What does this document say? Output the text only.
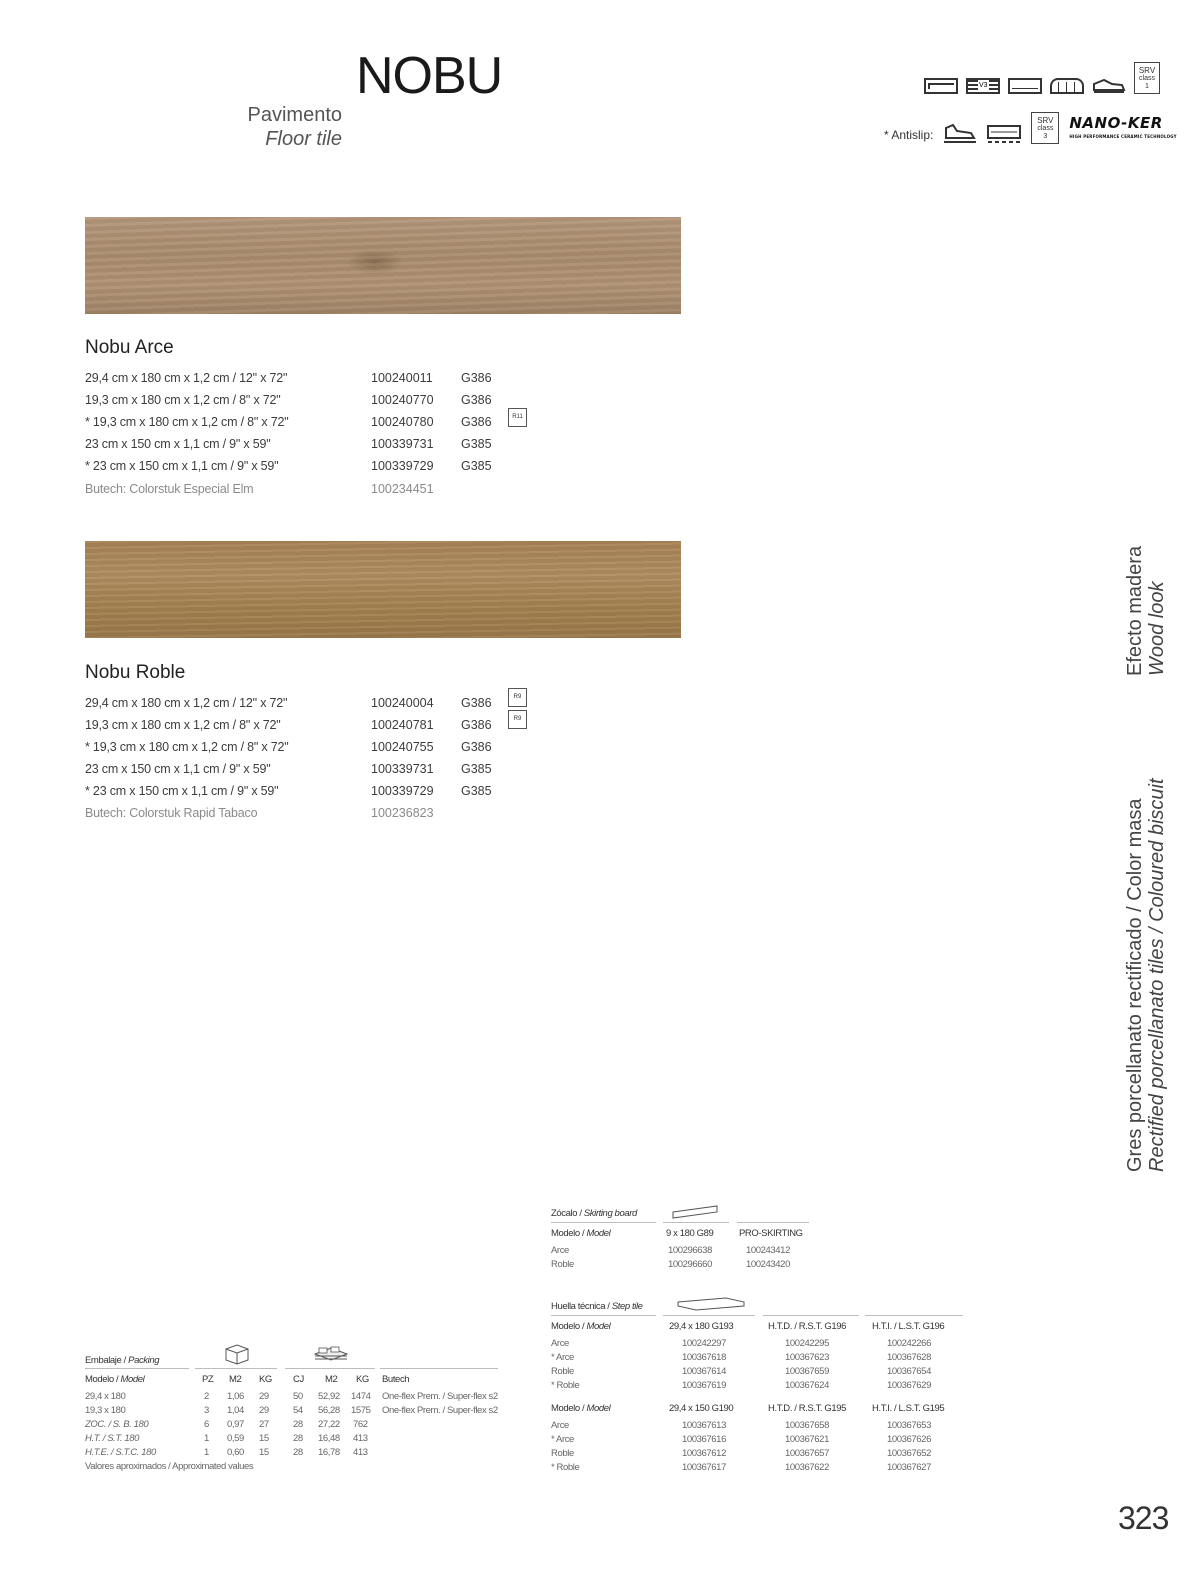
NOBU
Pavimento
Floor tile
V3
SRV
class
1
* Antislip:
SRV
class
3
NANO-KER
HIGH PERFORMANCE CERAMIC TECHNOLOGY
Nobu Arce
29,4 cm x 180 cm x 1,2 cm / 12" x 72"	100240011 G386
19,3 cm x 180 cm x 1,2 cm / 8" x 72"	100240770 G386
* 19,3 cm x 180 cm x 1,2 cm / 8" x 72"	100240780 G386	R11
23 cm x 150 cm x 1,1 cm / 9" x 59"	100339731 G385
* 23 cm x 150 cm x 1,1 cm / 9" x 59"	100339729 G385
Butech: Colorstuk Especial Elm	100234451
Nobu Roble
29,4 cm x 180 cm x 1,2 cm / 12" x 72"	100240004 G386	R9
19,3 cm x 180 cm x 1,2 cm / 8" x 72"	100240781 G386	R9
* 19,3 cm x 180 cm x 1,2 cm / 8" x 72"	100240755 G386
23 cm x 150 cm x 1,1 cm / 9" x 59"	100339731 G385
* 23 cm x 150 cm x 1,1 cm / 9" x 59"	100339729 G385
Butech: Colorstuk Rapid Tabaco	100236823
Efecto madera Wood look
Gres porcellanato rectificado / Color masa Rectified porcellanato tiles / Coloured biscuit
Zócalo / Skirting board
Modelo / Model	9 x 180 G89	PRO-SKIRTING
Arce	100296638	100243412
Roble	100296660	100243420
Huella técnica / Step tile
Modelo / Model	29,4 x 180 G193	H.T.D. / R.S.T. G196	H.T.I. / L.S.T. G196
Arce	100242297	100242295	100242266
* Arce	100367618	100367623	100367628
Roble	100367614	100367659	100367654
* Roble	100367619	100367624	100367629
Modelo / Model	29,4 x 150 G190	H.T.D. / R.S.T. G195	H.T.I. / L.S.T. G195
Arce	100367613	100367658	100367653
* Arce	100367616	100367621	100367626
Roble	100367612	100367657	100367652
* Roble	100367617	100367622	100367627
Embalaje / Packing
Modelo / Model	PZ M2 KG CJ M2 KG Butech
29,4 x 180	2 1,06 29	50 52,92 1474 One-flex Prem. / Super-flex s2
19,3 x 180	3 1,04 29	54 56,28 1575 One-flex Prem. / Super-flex s2
ZOC. / S. B. 180	6 0,97 27	28 27,22 762
H.T. / S.T. 180	1 0,59 15	28 16,48 413
H.T.E. / S.T.C. 180	1 0,60 15	28 16,78 413
Valores aproximados / Approximated values
323
